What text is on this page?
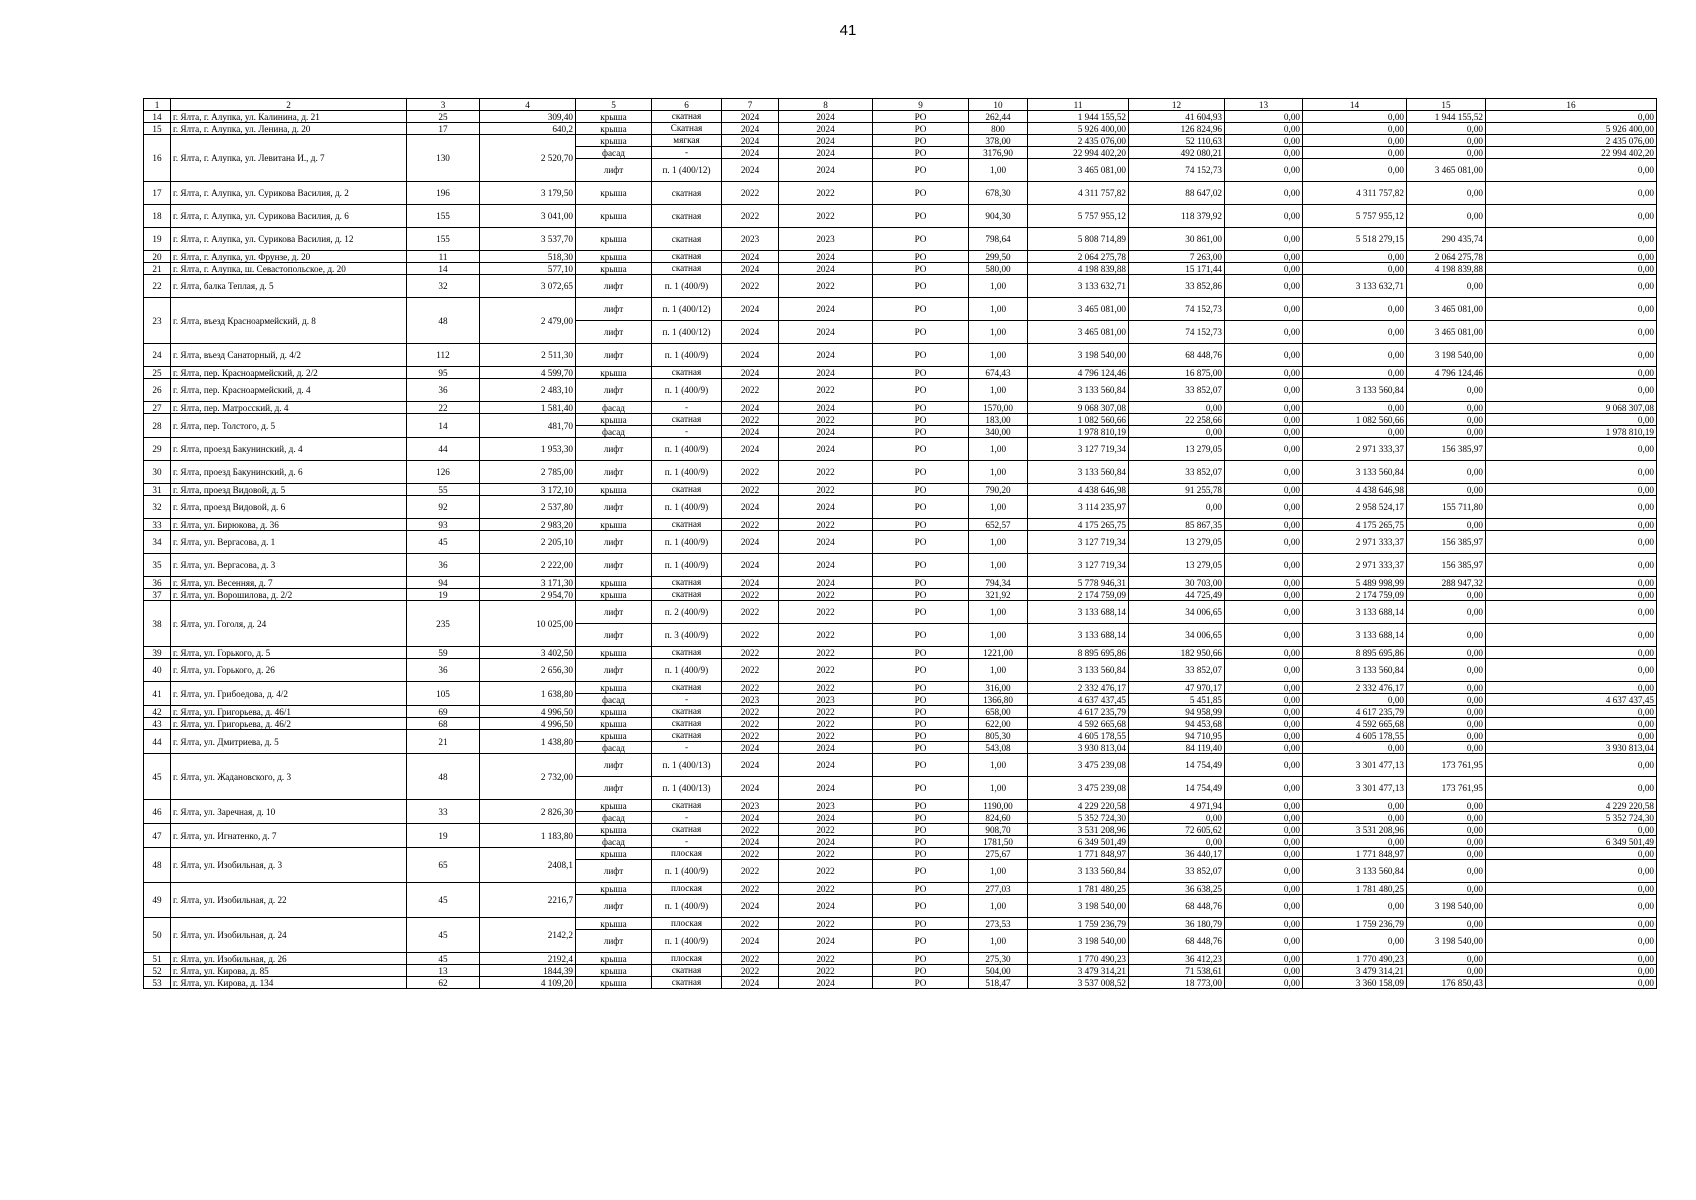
41
1	2	3	4	5	6	7	8	9	10	11	12	13	14	15	16
14	г. Ялта, г. Алупка, ул. Калинина, д. 21	25	309,40	крыша	скатная	2024	2024	РО	262,44	1 944 155,52	41 604,93	0,00	0,00	1 944 155,52	0,00
15	г. Ялта, г. Алупка, ул. Ленина, д. 20	17	640,2	крыша	Скатная	2024	2024	РО	800	5 926 400,00	126 824,96	0,00	0,00	0,00	5 926 400,00
16	г. Ялта, г. Алупка, ул. Левитана И., д. 7	130	2 520,70	крыша	мягкая	2024	2024	РО	378,00	2 435 076,00	52 110,63	0,00	0,00	0,00	2 435 076,00
				фасад	-	2024	2024	РО	3176,90	22 994 402,20	492 080,21	0,00	0,00	0,00	22 994 402,20
				лифт	п. 1 (400/12)	2024	2024	РО	1,00	3 465 081,00	74 152,73	0,00	0,00	3 465 081,00	0,00
17	г. Ялта, г. Алупка, ул. Сурикова Василия, д. 2	196	3 179,50	крыша	скатная	2022	2022	РО	678,30	4 311 757,82	88 647,02	0,00	4 311 757,82	0,00	0,00
18	г. Ялта, г. Алупка, ул. Сурикова Василия, д. 6	155	3 041,00	крыша	скатная	2022	2022	РО	904,30	5 757 955,12	118 379,92	0,00	5 757 955,12	0,00	0,00
19	г. Ялта, г. Алупка, ул. Сурикова Василия, д. 12	155	3 537,70	крыша	скатная	2023	2023	РО	798,64	5 808 714,89	30 861,00	0,00	5 518 279,15	290 435,74	0,00
20	г. Ялта, г. Алупка, ул. Фрунзе, д. 20	11	518,30	крыша	скатная	2024	2024	РО	299,50	2 064 275,78	7 263,00	0,00	0,00	2 064 275,78	0,00
21	г. Ялта, г. Алупка, ш. Севастопольское, д. 20	14	577,10	крыша	скатная	2024	2024	РО	580,00	4 198 839,88	15 171,44	0,00	0,00	4 198 839,88	0,00
22	г. Ялта, балка Теплая, д. 5	32	3 072,65	лифт	п. 1 (400/9)	2022	2022	РО	1,00	3 133 632,71	33 852,86	0,00	3 133 632,71	0,00	0,00
23	г. Ялта, въезд Красноармейский, д. 8	48	2 479,00	лифт	п. 1 (400/12)	2024	2024	РО	1,00	3 465 081,00	74 152,73	0,00	0,00	3 465 081,00	0,00
				лифт	п. 1 (400/12)	2024	2024	РО	1,00	3 465 081,00	74 152,73	0,00	0,00	3 465 081,00	0,00
24	г. Ялта, въезд Санаторный, д. 4/2	112	2 511,30	лифт	п. 1 (400/9)	2024	2024	РО	1,00	3 198 540,00	68 448,76	0,00	0,00	3 198 540,00	0,00
25	г. Ялта, пер. Красноармейский, д. 2/2	95	4 599,70	крыша	скатная	2024	2024	РО	674,43	4 796 124,46	16 875,00	0,00	0,00	4 796 124,46	0,00
26	г. Ялта, пер. Красноармейский, д. 4	36	2 483,10	лифт	п. 1 (400/9)	2022	2022	РО	1,00	3 133 560,84	33 852,07	0,00	3 133 560,84	0,00	0,00
27	г. Ялта, пер. Матросский, д. 4	22	1 581,40	фасад	-	2024	2024	РО	1570,00	9 068 307,08	0,00	0,00	0,00	0,00	9 068 307,08
28	г. Ялта, пер. Толстого, д. 5	14	481,70	крыша	скатная	2022	2022	РО	183,00	1 082 560,66	22 258,66	0,00	1 082 560,66	0,00	0,00
				фасад	-	2024	2024	РО	340,00	1 978 810,19	0,00	0,00	0,00	0,00	1 978 810,19
29	г. Ялта, проезд Бакунинский, д. 4	44	1 953,30	лифт	п. 1 (400/9)	2024	2024	РО	1,00	3 127 719,34	13 279,05	0,00	2 971 333,37	156 385,97	0,00
30	г. Ялта, проезд Бакунинский, д. 6	126	2 785,00	лифт	п. 1 (400/9)	2022	2022	РО	1,00	3 133 560,84	33 852,07	0,00	3 133 560,84	0,00	0,00
31	г. Ялта, проезд Видовой, д. 5	55	3 172,10	крыша	скатная	2022	2022	РО	790,20	4 438 646,98	91 255,78	0,00	4 438 646,98	0,00	0,00
32	г. Ялта, проезд Видовой, д. 6	92	2 537,80	лифт	п. 1 (400/9)	2024	2024	РО	1,00	3 114 235,97	0,00	0,00	2 958 524,17	155 711,80	0,00
33	г. Ялта, ул. Бирюкова, д. 36	93	2 983,20	крыша	скатная	2022	2022	РО	652,57	4 175 265,75	85 867,35	0,00	4 175 265,75	0,00	0,00
34	г. Ялта, ул. Вергасова, д. 1	45	2 205,10	лифт	п. 1 (400/9)	2024	2024	РО	1,00	3 127 719,34	13 279,05	0,00	2 971 333,37	156 385,97	0,00
35	г. Ялта, ул. Вергасова, д. 3	36	2 222,00	лифт	п. 1 (400/9)	2024	2024	РО	1,00	3 127 719,34	13 279,05	0,00	2 971 333,37	156 385,97	0,00
36	г. Ялта, ул. Весенняя, д. 7	94	3 171,30	крыша	скатная	2024	2024	РО	794,34	5 778 946,31	30 703,00	0,00	5 489 998,99	288 947,32	0,00
37	г. Ялта, ул. Ворошилова, д. 2/2	19	2 954,70	крыша	скатная	2022	2022	РО	321,92	2 174 759,09	44 725,49	0,00	2 174 759,09	0,00	0,00
38	г. Ялта, ул. Гоголя, д. 24	235	10 025,00	лифт	п. 2 (400/9)	2022	2022	РО	1,00	3 133 688,14	34 006,65	0,00	3 133 688,14	0,00	0,00
				лифт	п. 3 (400/9)	2022	2022	РО	1,00	3 133 688,14	34 006,65	0,00	3 133 688,14	0,00	0,00
39	г. Ялта, ул. Горького, д. 5	59	3 402,50	крыша	скатная	2022	2022	РО	1221,00	8 895 695,86	182 950,66	0,00	8 895 695,86	0,00	0,00
40	г. Ялта, ул. Горького, д. 26	36	2 656,30	лифт	п. 1 (400/9)	2022	2022	РО	1,00	3 133 560,84	33 852,07	0,00	3 133 560,84	0,00	0,00
41	г. Ялта, ул. Грибоедова, д. 4/2	105	1 638,80	крыша	скатная	2022	2022	РО	316,00	2 332 476,17	47 970,17	0,00	2 332 476,17	0,00	0,00
				фасад	-	2023	2023	РО	1366,80	4 637 437,45	5 451,85	0,00	0,00	0,00	4 637 437,45
42	г. Ялта, ул. Григорьева, д. 46/1	69	4 996,50	крыша	скатная	2022	2022	РО	658,00	4 617 235,79	94 958,99	0,00	4 617 235,79	0,00	0,00
43	г. Ялта, ул. Григорьева, д. 46/2	68	4 996,50	крыша	скатная	2022	2022	РО	622,00	4 592 665,68	94 453,68	0,00	4 592 665,68	0,00	0,00
44	г. Ялта, ул. Дмитриева, д. 5	21	1 438,80	крыша	скатная	2022	2022	РО	805,30	4 605 178,55	94 710,95	0,00	4 605 178,55	0,00	0,00
				фасад	-	2024	2024	РО	543,08	3 930 813,04	84 119,40	0,00	0,00	0,00	3 930 813,04
45	г. Ялта, ул. Жадановского, д. 3	48	2 732,00	лифт	п. 1 (400/13)	2024	2024	РО	1,00	3 475 239,08	14 754,49	0,00	3 301 477,13	173 761,95	0,00
				лифт	п. 1 (400/13)	2024	2024	РО	1,00	3 475 239,08	14 754,49	0,00	3 301 477,13	173 761,95	0,00
46	г. Ялта, ул. Заречная, д. 10	33	2 826,30	крыша	скатная	2023	2023	РО	1190,00	4 229 220,58	4 971,94	0,00	0,00	0,00	4 229 220,58
				фасад	-	2024	2024	РО	824,60	5 352 724,30	0,00	0,00	0,00	0,00	5 352 724,30
47	г. Ялта, ул. Игнатенко, д. 7	19	1 183,80	крыша	скатная	2022	2022	РО	908,70	3 531 208,96	72 605,62	0,00	3 531 208,96	0,00	0,00
				фасад	-	2024	2024	РО	1781,50	6 349 501,49	0,00	0,00	0,00	0,00	6 349 501,49
48	г. Ялта, ул. Изобильная, д. 3	65	2408,1	крыша	плоская	2022	2022	РО	275,67	1 771 848,97	36 440,17	0,00	1 771 848,97	0,00	0,00
				лифт	п. 1 (400/9)	2022	2022	РО	1,00	3 133 560,84	33 852,07	0,00	3 133 560,84	0,00	0,00
49	г. Ялта, ул. Изобильная, д. 22	45	2216,7	крыша	плоская	2022	2022	РО	277,03	1 781 480,25	36 638,25	0,00	1 781 480,25	0,00	0,00
				лифт	п. 1 (400/9)	2024	2024	РО	1,00	3 198 540,00	68 448,76	0,00	0,00	3 198 540,00	0,00
50	г. Ялта, ул. Изобильная, д. 24	45	2142,2	крыша	плоская	2022	2022	РО	273,53	1 759 236,79	36 180,79	0,00	1 759 236,79	0,00	0,00
				лифт	п. 1 (400/9)	2024	2024	РО	1,00	3 198 540,00	68 448,76	0,00	0,00	3 198 540,00	0,00
51	г. Ялта, ул. Изобильная, д. 26	45	2192,4	крыша	плоская	2022	2022	РО	275,30	1 770 490,23	36 412,23	0,00	1 770 490,23	0,00	0,00
52	г. Ялта, ул. Кирова, д. 85	13	1844,39	крыша	скатная	2022	2022	РО	504,00	3 479 314,21	71 538,61	0,00	3 479 314,21	0,00	0,00
53	г. Ялта, ул. Кирова, д. 134	62	4 109,20	крыша	скатная	2024	2024	РО	518,47	3 537 008,52	18 773,00	0,00	3 360 158,09	176 850,43	0,00
